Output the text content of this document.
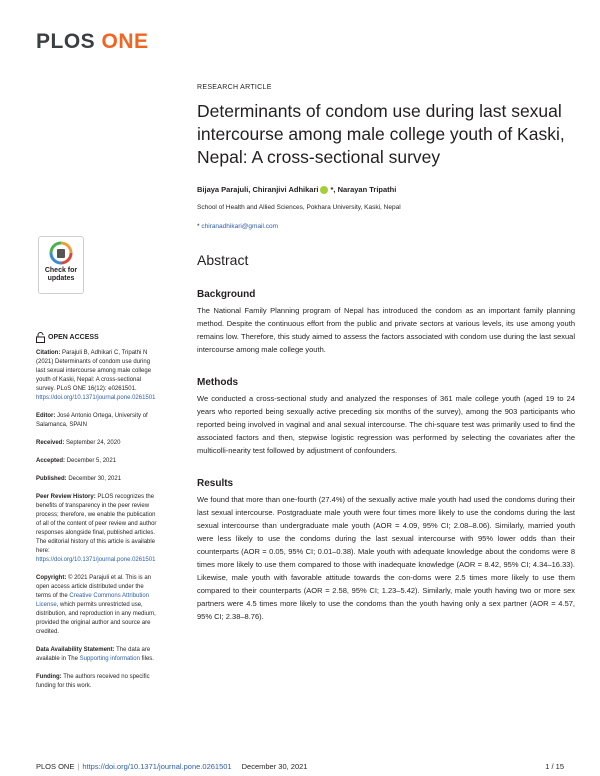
PLOS ONE
Check for
updates
OPEN ACCESS

Citation: Parajuli B, Adhikari C, Tripathi N (2021) Determinants of condom use during last sexual intercourse among male college youth of Kaski, Nepal: A cross-sectional survey. PLoS ONE 16(12): e0261501. https://doi.org/10.1371/journal.pone.0261501

Editor: José Antonio Ortega, University of Salamanca, SPAIN

Received: September 24, 2020

Accepted: December 5, 2021

Published: December 30, 2021

Peer Review History: PLOS recognizes the benefits of transparency in the peer review process; therefore, we enable the publication of all of the content of peer review and author responses alongside final, published articles. The editorial history of this article is available here: https://doi.org/10.1371/journal.pone.0261501

Copyright: © 2021 Parajuli et al. This is an open access article distributed under the terms of the Creative Commons Attribution License, which permits unrestricted use, distribution, and reproduction in any medium, provided the original author and source are credited.

Data Availability Statement: The data are available in The Supporting information files.

Funding: The authors received no specific funding for this work.

RESEARCH ARTICLE
Determinants of condom use during last sexual intercourse among male college youth of Kaski, Nepal: A cross-sectional survey
Bijaya Parajuli,
Chiranjivi Adhikari *,
Narayan Tripathi
School of Health and Allied Sciences, Pokhara University, Kaski, Nepal
* chiranadhikari@gmail.com
Abstract
Background
The National Family Planning program of Nepal has introduced the condom as an important family planning method. Despite the continuous effort from the public and private sectors at various levels, its use among youth remains low. Therefore, this study aimed to assess the factors associated with condom use during the last sexual intercourse among male college youth.
Methods
We conducted a cross-sectional study and analyzed the responses of 361 male college youth (aged 19 to 24 years who reported being sexually active preceding six months of the survey), among the 903 participants who reported being involved in vaginal and anal sexual intercourse. The chi-square test was primarily used to find the associated factors and then, stepwise logistic regression was performed by selecting the covariates after the multicolli-nearity test followed by adjustment of confounders.
Results
We found that more than one-fourth (27.4%) of the sexually active male youth had used the condoms during their last sexual intercourse. Postgraduate male youth were four times more likely to use the condoms during the last sexual intercourse than undergraduate male youth (AOR = 4.09, 95% CI; 2.08–8.06). Similarly, married youth were less likely to use the condoms during the last sexual intercourse with 95% lower odds than their counterparts (AOR = 0.05, 95% CI; 0.01–0.38). Male youth with adequate knowledge about the condoms were 8 times more likely to use them compared to those with inadequate knowledge (AOR = 8.42, 95% CI; 4.34–16.33). Likewise, male youth with favorable attitude towards the con-doms were 2.5 times more likely to use them compared to their counterparts (AOR = 2.58, 95% CI; 1.23–5.42). Similarly, male youth having two or more sex partners were 4.5 times more likely to use the condoms than the youth having only a sex partner (AOR = 4.57, 95% CI; 2.38–8.76).
PLOS ONE | https://doi.org/10.1371/journal.pone.0261501 December 30, 2021	1 / 15
